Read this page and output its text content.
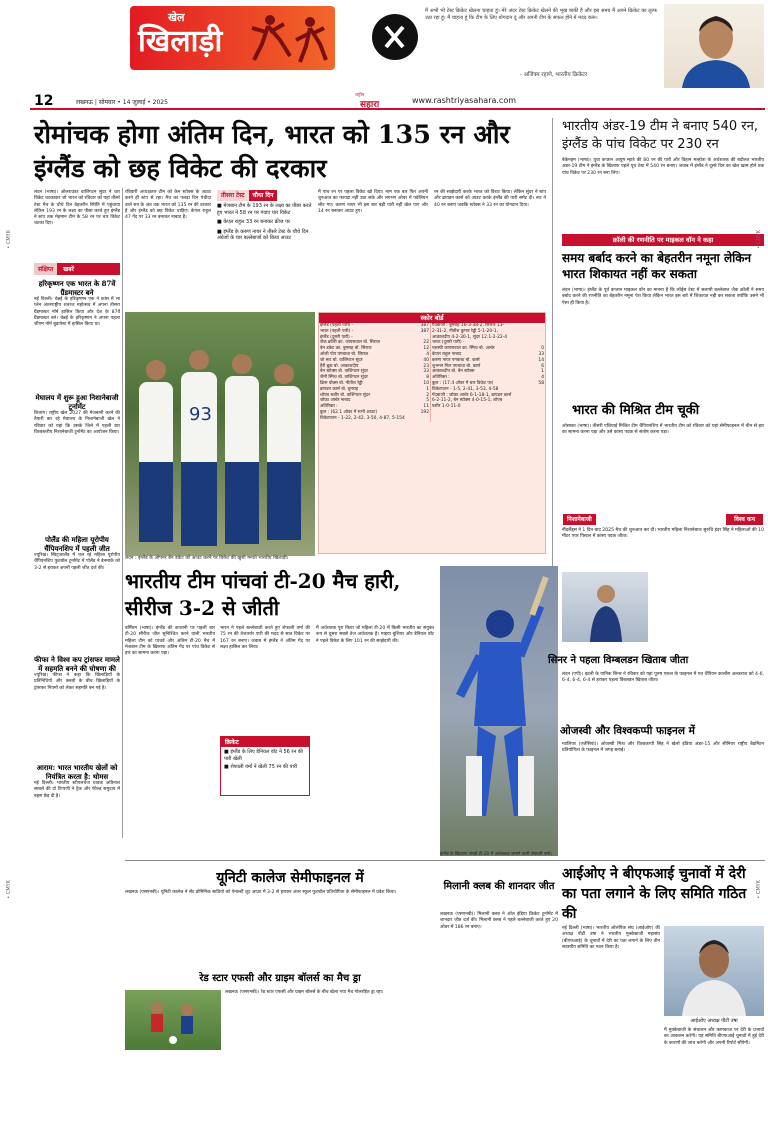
खेल
खिलाड़ी
मैं अभी भी टेस्ट क्रिकेट खेलना चाहता हूं। मेरे अंदर टेस्ट क्रिकेट खेलने की भूख बाकी है और इस समय मैं अपने क्रिकेट का लुत्फ उठा रहा हूं। मैं चाहता हूं कि टीम के लिए योगदान दूं और अपनी टीम के सफल होने में मदद करूं।
- अजिंक्य रहाणे, भारतीय क्रिकेटर
12	लखनऊ | सोमवार • 14 जुलाई • 2025
राष्ट्रीय
सहारा	www.rashtriyasahara.com
रोमांचक होगा अंतिम दिन, भारत को 135 रन और इंग्लैंड को छह विकेट की दरकार
लंदन (भाषा)। ऑलराउंडर वाशिंगटन सुंदर ने चार विकेट चटकाकर जो भारत को रविवार को यहां तीसरे टेस्ट मैच के चौथे दिन बेहतरीन स्थिति में पहुंचाया लेकिन 193 रन के लक्ष्य का पीछा करते हुए इंग्लैंड ने स्टंप तक मेहमान टीम के 58 रन पर चार विकेट चटका दिए।
रविवारी अध्यक्षतार टीम को केन स्टोक्स के आउट करने ही स्टंप से रहा। मैच का पलड़ा दिन पेचीदा वाले सत्र के अंत तक भारत को 135 रन की दरकार है और इंग्लैंड को छह विकेट चाहिए। केएल राहुल 47 गेंद पर 33 रन बनाकर नाबाद हैं।
तीसरा टेस्ट	चौथा दिन
■ मेजबान टीम के 193 रन के लक्ष्य का पीछा करते हुए भारत ने 58 रन पर गंवाए चार विकेट
■ केएल राहुल 33 रन बनाकर क्रीज पर
■ इंग्लैंड के करुण नायर ने तीसरे टेस्ट के चौथे दिन अंग्रेजों के चार बल्लेबाजों को किया आउट
मैं पांच रन पर पहला विकेट खो दिया। नाम एक बार फिर अपनी शुरुआत का फायदा नहीं उठा सके और लगभग ओवर में पवेलियन लौट गए। करुण नायर भी इस बार बड़ी पारी नहीं खेल पाए और 14 रन बनाकर आउट हुए।
रन की साझेदारी करके भारत को विराट किया। लेकिन सुंदर ने स्टंप और ब्रायडन कार्स को आउट करके इंग्लैंड की पारी समेट दी। रूट ने 40 रन बनाए जबकि स्टोक्स ने 33 रन का योगदान दिया।
संक्षिप्त	खबरें
हरिकृष्णन एक भारत के 87वें ग्रैंडमास्टर बने
नई दिल्ली। चेन्नई के हरिकृष्णन एक ने फ्रांस में ला प्लेन अंतरराष्ट्रीय शतरंज महोत्सव में अपना तीसरा ग्रैंडमास्टर नॉर्म हासिल किया और देश के 87वें ग्रैंडमास्टर बने। चेन्नई के हरिकृष्णन ने अपना पहला जीएम नॉर्म बुडापेस्ट में हासिल किया था।
मेघालय में शुरू हुआ निशानेबाजी टूर्नामेंट
शिलांग। राष्ट्रीय खेल 2027 की मेजबानी करने की तैयारी कर रहे मेघालय के निशानेबाजी खेल ने रविवार को यहां कि उसके जिले में पहली बार विश्वस्तरीय निशानेबाजी टूर्नामेंट का आयोजन किया।
पोलैंड की महिला यूरोपीय चैंपियनशिप में पहली जीत
ज्यूरिख। स्विट्जरलैंड में चल रहे महिला यूरोपीय चैंपियनशिप फुटबॉल टूर्नामेंट में पोलैंड ने डेनमार्क को 3-2 से हराकर अपनी पहली जीत दर्ज की।
फीफा ने विश्व कप ट्रांसफर मामले में सहमति बनने की घोषणा की
ज्यूरिख। फीफा ने कहा कि खिलाड़ियों के प्रतिनिधियों और क्लबों के बीच खिलाड़ियों के ट्रांसफर नियमों को लेकर सहमति बन गई है।
आराम: भारत भारतीय खेलों को नियंत्रित करता है: थोमस
नई दिल्ली। भारतीय स्टीपलचेज धावक अविनाश साबले की दो टिप्पणी ने ट्रैक और फील्ड समुदाय में बहस छेड़ दी है।
93
लंदन : इंग्लैंड के ओपनर बेन डकेट को आउट करने पर विकेट की खुशी मनाते भारतीय खिलाड़ी।
स्कोर बोर्ड
इंग्लैंड (पहली पारी) -	387
भारत (पहली पारी) -	387
इंग्लैंड (दूसरी पारी) -	
जैक क्रॉली का. जायसवाल बो. सिराज	22
बेन डकेट का. बुमराह बो. सिराज	12
ओली पोप पगबाधा बो. सिराज	4
जो रूट बो. वाशिंगटन सुंदर	40
हैरी ब्रूक बो. आकाशदीप	23
बेन स्टोक्स बो. वाशिंगटन सुंदर	33
जैमी स्मिथ बो. वाशिंगटन सुंदर	8
क्रिस वोक्स बो. नीतीश रेड्डी	10
ब्रायडन कार्स बो. बुमराह	1
शोएब बशीर बो. वाशिंगटन सुंदर	2
जोफ्रा आर्चर नाबाद	5
अतिरिक्त :	11
कुल : (62.1 ओवर में सभी आउट)	192
विकेटपतन - 1-22, 2-42, 3-50, 4-87, 5-154	
गेंदबाजी : बुमराह 16-3-38-2, सिराज 13-	
2-31-2, नीतीश कुमार रेड्डी 5-1-20-1,	
आकाशदीप 4-2-30-1, सुंदर 12.1-2-22-4	
भारत (दूसरी पारी) -	
यशस्वी जायसवाल का. स्मिथ बो. आर्चर	0
केएल राहुल नाबाद	33
करुण नायर पगबाधा बो. कार्स	14
शुभमन गिल पगबाधा बो. कार्स	6
आकाशदीप बो. बेन स्टोक्स	1
अतिरिक्त :	4
कुल : (17.4 ओवर में चार विकेट पर)	58
विकेटपतन - 1-5, 2-41, 3-53, 4-58	
गेंदबाजी : जोफ्रा आर्चर 6-1-18-1, ब्रायडन कार्स	
6-2-11-2, बेन स्टोक्स 4-0-15-1, शोएब	
बशीर 1-0-11-0	
भारतीय अंडर-19 टीम ने बनाए 540 रन, इंग्लैंड के पांच विकेट पर 230 रन
बेकेनहम (भाषा)। युवा कप्तान आयुष म्हात्रे की 80 रन की पारी और विहान मल्होत्रा के अर्धशतक की बदौलत भारतीय अंडर-19 टीम ने इंग्लैंड के खिलाफ पहले यूथ टेस्ट में 540 रन बनाए। जवाब में इंग्लैंड ने दूसरे दिन का खेल खत्म होने तक पांच विकेट पर 230 रन बना लिए।
क्रॉली की रणनीति पर माइकल वॉन ने कहा
समय बर्बाद करने का बेहतरीन नमूना लेकिन भारत शिकायत नहीं कर सकता
लंदन (भाषा)। इंग्लैंड के पूर्व कप्तान माइकल वॉन का मानना है कि लॉर्ड्स टेस्ट में सलामी बल्लेबाज जैक क्रॉली ने समय बर्बाद करने की रणनीति का बेहतरीन नमूना पेश किया लेकिन भारत इस बारे में शिकायत नहीं कर सकता क्योंकि उसने भी ऐसा ही किया है।
भारत की मिश्रित टीम चूकी
ओसाका (भाषा)। तीसरी एशियाई मिश्रित टीम चैंपियनशिप में भारतीय टीम को रविवार को यहां सेमीफाइनल में चीन से हार का सामना करना पड़ा और उसे कांस्य पदक से संतोष करना पड़ा।
निशानेबाजी	विश्व कप
नींदर्लैंड्स ने 1 दिन बाद 2025 मैच की शुरुआत कर दी। भारतीय महिला निशानेबाज सुरुचि इंदर सिंह ने महिलाओं की 10 मीटर एयर पिस्टल में कांस्य पदक जीता।
भारतीय टीम पांचवां टी-20 मैच हारी, सीरीज 3-2 से जीती
बर्मिंघम (भाषा)। इंग्लैंड की कप्तानी पर पहली बार टी-20 सीरीज जीत सुनिश्चित करने वाली भारतीय महिला टीम को पांचवें और अंतिम टी-20 मैच में मेजबान टीम के खिलाफ अंतिम गेंद पर पांच विकेट से हार का सामना करना पड़ा।
भारत ने पहले बल्लेबाजी करते हुए शेफाली वर्मा की 75 रन की तेजतर्रार पारी की मदद से सात विकेट पर 167 रन बनाए। जवाब में इंग्लैंड ने अंतिम गेंद पर लक्ष्य हासिल कर लिया।
क्रिकेट
■ इंग्लैंड के लिए डेनियल वॉट ने 56 रन की पारी खेली
■ शेफाली वर्मा ने खेली 75 रन की पारी
मैं अर्धशतक पूरा किया जो महिला टी-20 में किसी भारतीय का संयुक्त रूप से दूसरा सबसे तेज अर्धशतक है। माइया बुशियर और डेनियल वॉट ने पहले विकेट के लिए 101 रन की साझेदारी की।
इंग्लैंड के खिलाफ पांचवें टी-20 में अर्धशतक जमाने वाली शेफाली वर्मा।
सिनर ने पहला विम्बलडन खिताब जीता
लंदन (एपी)। इटली के यानिक सिनर ने रविवार को यहां पुरुष एकल के फाइनल में गत चैंपियन कार्लोस अल्कराज को 4-6, 6-4, 6-4, 6-4 से हराकर पहला विंबलडन खिताब जीता।
ओजस्वी और विश्वकप्पी फाइनल में
ग्वालियर (एजेंसियां)। ओजस्वी मित्रा और विश्वकप्पी सिंह ने खेलो इंडिया अंडर-15 और सीनियर राष्ट्रीय बैडमिंटन प्रतियोगिता के फाइनल में जगह बनाई।
यूनिटी कालेज सेमीफाइनल में
लखनऊ (एसएनबी)। यूनिटी कालेज ने सेंट डोमिनिक सावियो को पेनाल्टी शूट आउट में 3-2 से हराकर अंतर स्कूल फुटबॉल प्रतियोगिता के सेमीफाइनल में प्रवेश किया।
रेड स्टार एफसी और ग्राइम बॉलर्स का मैच ड्रा
लखनऊ (एसएनबी)। रेड स्टार एफसी और ग्राइम बॉलर्स के बीच खेला गया मैच गोलरहित ड्रा रहा।
मिलानी क्लब की शानदार जीत
लखनऊ (एसएनबी)। मिलानी क्लब ने ऑल इंडिया क्रिकेट टूर्नामेंट में शानदार जीत दर्ज की। मिलानी क्लब ने पहले बल्लेबाजी करते हुए 20 ओवर में 186 रन बनाए।
आईओए ने बीएफआई चुनावों में देरी का पता लगाने के लिए समिति गठित की
नई दिल्ली (भाषा)। भारतीय ओलंपिक संघ (आईओए) की अध्यक्ष पीटी उषा ने भारतीय मुक्केबाजी महासंघ (बीएफआई) के चुनावों में देरी का पता लगाने के लिए तीन सदस्यीय समिति का गठन किया है।
आईओए अध्यक्ष पीटी उषा
मैं मुक्केबाजी के संचालन और कामकाज पर देरी के प्रभावों का आकलन करेगी। यह समिति बीएफआई चुनावों में हुई देरी के कारणों की जांच करेगी और अपनी रिपोर्ट सौंपेगी।
• CMYK
• CMYK
• CMYK
• CMYK
